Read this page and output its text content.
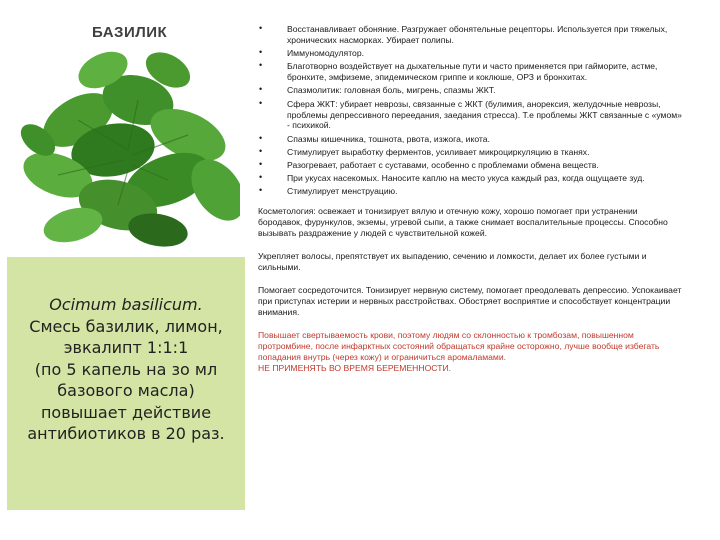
БАЗИЛИК
Ocimum basilicum.
Смесь базилик, лимон,
эвкалипт 1:1:1
(по 5 капель на зо мл
базового масла)
повышает действие
антибиотиков в 20 раз.
•	Восстанавливает обоняние. Разгружает обонятельные рецепторы. Используется при тяжелых, хронических насморках. Убирает полипы.
•	Иммуномодулятор.
•	Благотворно воздействует на дыхательные пути и часто применяется при гайморите, астме, бронхите, эмфиземе, эпидемическом гриппе и коклюше, ОРЗ и бронхитах.
•	Спазмолитик: головная боль, мигрень, спазмы ЖКТ.
•	Сфера ЖКТ: убирает неврозы, связанные с ЖКТ (булимия, анорексия, желудочные неврозы, проблемы депрессивного переедания, заедания стресса). Т.е проблемы ЖКТ связанные с «умом» - психикой.
•	Спазмы кишечника, тошнота, рвота, изжога, икота.
•	Стимулирует выработку ферментов, усиливает микроциркуляцию в тканях.
•	Разогревает, работает с суставами, особенно с проблемами обмена веществ.
•	При укусах насекомых. Наносите каплю на место укуса каждый раз, когда ощущаете зуд.
•	Стимулирует менструацию.

Косметология: освежает и тонизирует вялую и отечную кожу, хорошо помогает при устранении бородавок, фурункулов, экземы, угревой сыпи, а также снимает воспалительные процессы. Способно вызывать раздражение у людей с чувствительной кожей.

Укрепляет волосы, препятствует их выпадению, сечению и ломкости, делает их более густыми и сильными.

Помогает сосредоточится. Тонизирует нервную систему, помогает преодолевать депрессию. Успокаивает при приступах истерии и нервных расстройствах. Обостряет восприятие и способствует концентрации внимания.

Повышает свертываемость крови, поэтому людям со склонностью к тромбозам, повышенном протромбине, после инфарктных состояний обращаться крайне осторожно, лучше вообще избегать попадания внутрь (через кожу) и ограничиться аромаламами.
НЕ ПРИМЕНЯТЬ ВО ВРЕМЯ БЕРЕМЕННОСТИ.
